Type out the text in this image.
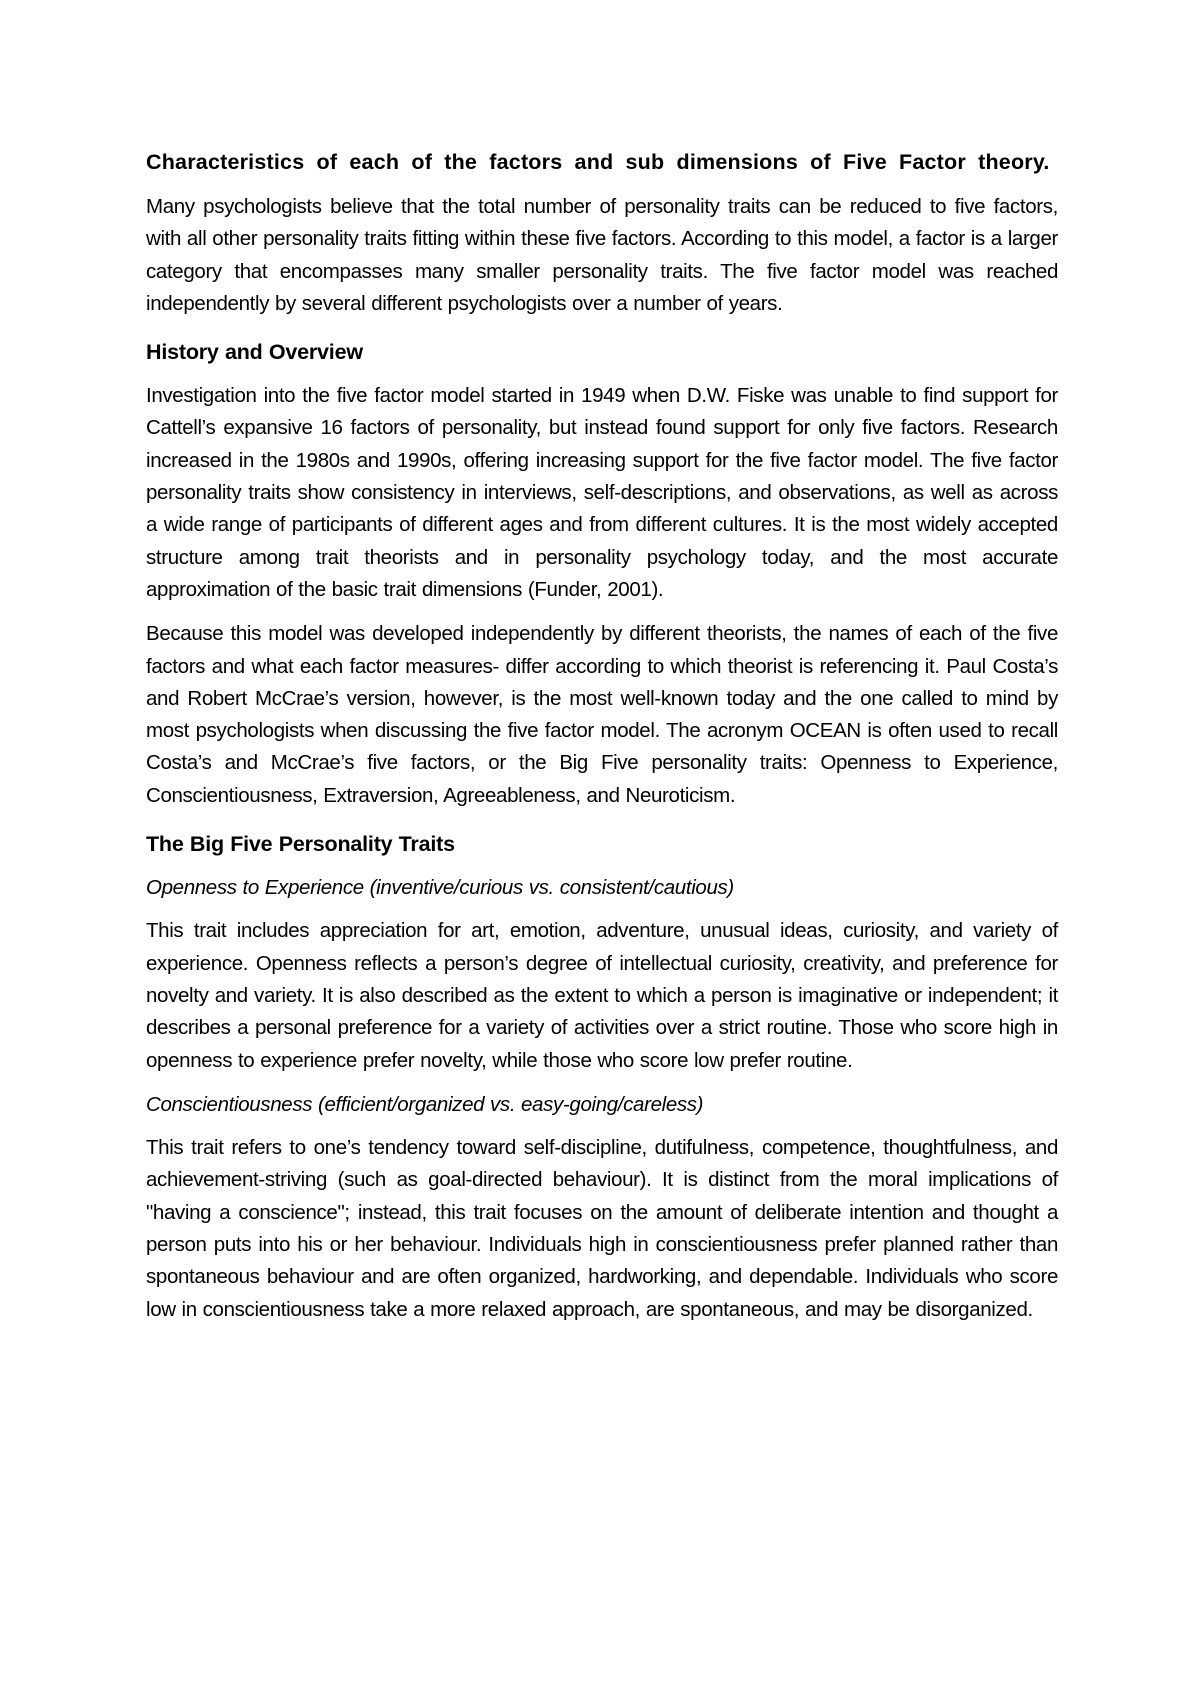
Characteristics of each of the factors and sub dimensions of Five Factor theory.

Many psychologists believe that the total number of personality traits can be reduced to five factors, with all other personality traits fitting within these five factors. According to this model, a factor is a larger category that encompasses many smaller personality traits. The five factor model was reached independently by several different psychologists over a number of years.

History and Overview

Investigation into the five factor model started in 1949 when D.W. Fiske was unable to find support for Cattell’s expansive 16 factors of personality, but instead found support for only five factors. Research increased in the 1980s and 1990s, offering increasing support for the five factor model. The five factor personality traits show consistency in interviews, self-descriptions, and observations, as well as across a wide range of participants of different ages and from different cultures. It is the most widely accepted structure among trait theorists and in personality psychology today, and the most accurate approximation of the basic trait dimensions (Funder, 2001).

Because this model was developed independently by different theorists, the names of each of the five factors and what each factor measures- differ according to which theorist is referencing it. Paul Costa’s and Robert McCrae’s version, however, is the most well-known today and the one called to mind by most psychologists when discussing the five factor model. The acronym OCEAN is often used to recall Costa’s and McCrae’s five factors, or the Big Five personality traits: Openness to Experience, Conscientiousness, Extraversion, Agreeableness, and Neuroticism.

The Big Five Personality Traits

Openness to Experience (inventive/curious vs. consistent/cautious)

This trait includes appreciation for art, emotion, adventure, unusual ideas, curiosity, and variety of experience. Openness reflects a person’s degree of intellectual curiosity, creativity, and preference for novelty and variety. It is also described as the extent to which a person is imaginative or independent; it describes a personal preference for a variety of activities over a strict routine. Those who score high in openness to experience prefer novelty, while those who score low prefer routine.

Conscientiousness (efficient/organized vs. easy-going/careless)

This trait refers to one’s tendency toward self-discipline, dutifulness, competence, thoughtfulness, and achievement-striving (such as goal-directed behaviour). It is distinct from the moral implications of "having a conscience"; instead, this trait focuses on the amount of deliberate intention and thought a person puts into his or her behaviour. Individuals high in conscientiousness prefer planned rather than spontaneous behaviour and are often organized, hardworking, and dependable. Individuals who score low in conscientiousness take a more relaxed approach, are spontaneous, and may be disorganized.
